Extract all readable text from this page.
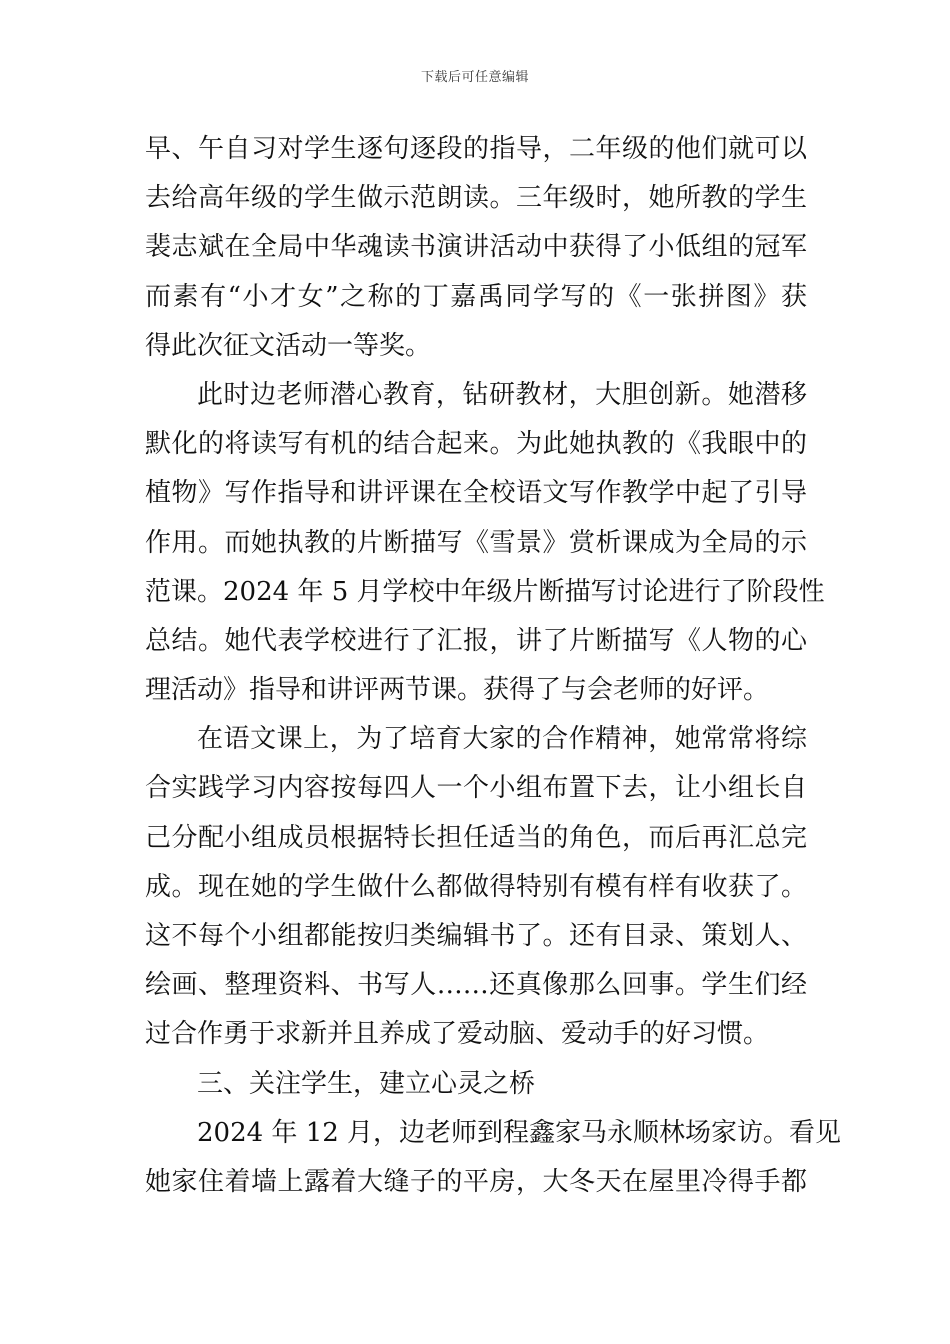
下载后可任意编辑
早、午自习对学生逐句逐段的指导，二年级的他们就可以
去给高年级的学生做示范朗读。三年级时，她所教的学生
裴志斌在全局中华魂读书演讲活动中获得了小低组的冠军
而素有“小才女”之称的丁嘉禹同学写的《一张拼图》获
得此次征文活动一等奖。
此时边老师潜心教育，钻研教材，大胆创新。她潜移
默化的将读写有机的结合起来。为此她执教的《我眼中的
植物》写作指导和讲评课在全校语文写作教学中起了引导
作用。而她执教的片断描写《雪景》赏析课成为全局的示
范课。2024 年 5 月学校中年级片断描写讨论进行了阶段性
总结。她代表学校进行了汇报，讲了片断描写《人物的心
理活动》指导和讲评两节课。获得了与会老师的好评。
在语文课上，为了培育大家的合作精神，她常常将综
合实践学习内容按每四人一个小组布置下去，让小组长自
己分配小组成员根据特长担任适当的角色，而后再汇总完
成。现在她的学生做什么都做得特别有模有样有收获了。
这不每个小组都能按归类编辑书了。还有目录、策划人、
绘画、整理资料、书写人……还真像那么回事。学生们经
过合作勇于求新并且养成了爱动脑、爱动手的好习惯。
三、关注学生，建立心灵之桥
2024 年 12 月，边老师到程鑫家马永顺林场家访。看见
她家住着墙上露着大缝子的平房，大冬天在屋里冷得手都
